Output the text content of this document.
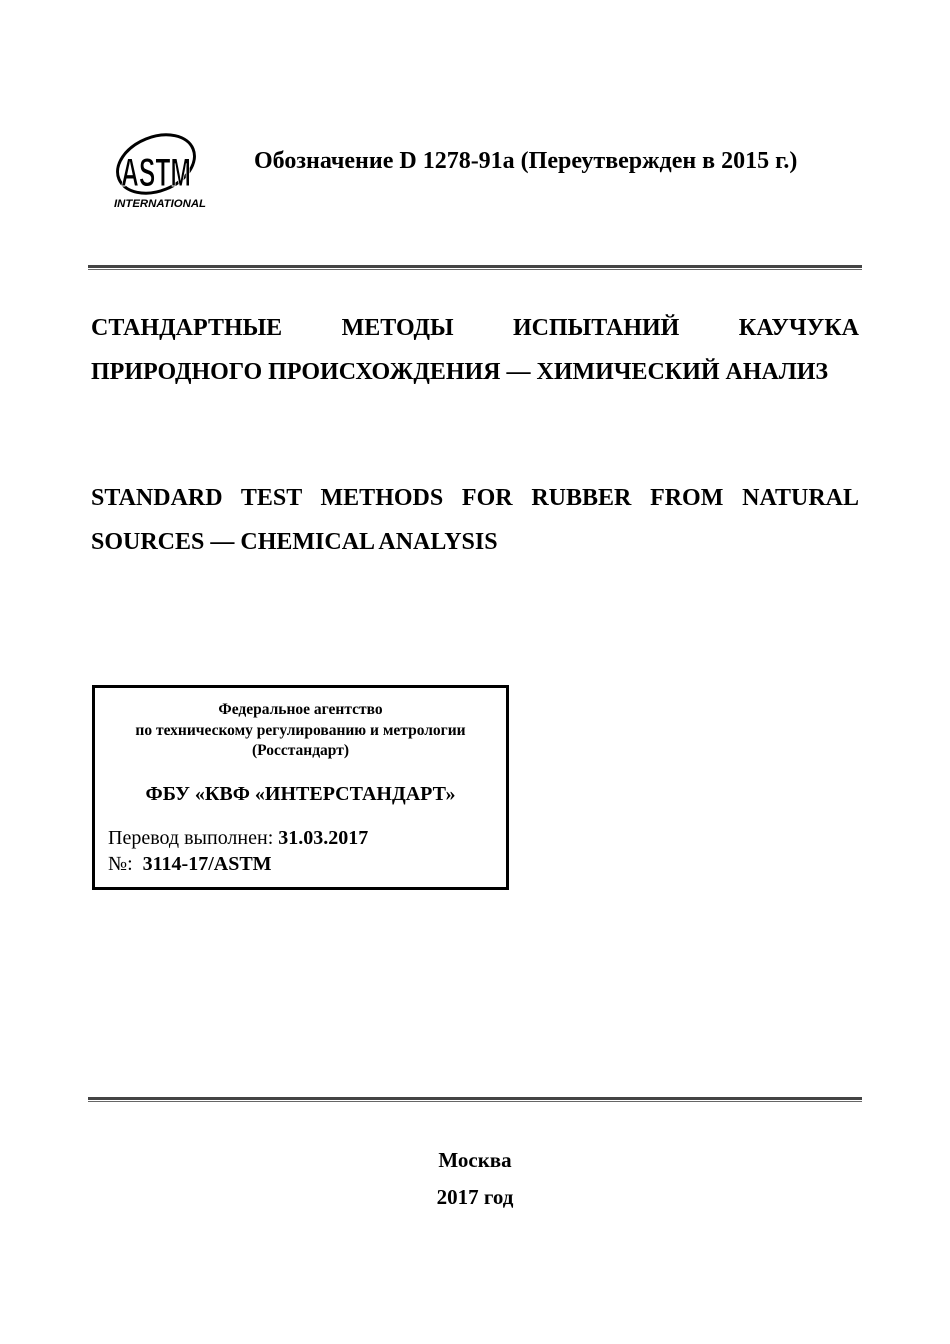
ASTM
INTERNATIONAL
Обозначение D 1278-91a (Переутвержден в 2015 г.)
СТАНДАРТНЫЕ МЕТОДЫ ИСПЫТАНИЙ КАУЧУКА ПРИРОДНОГО ПРОИСХОЖДЕНИЯ — ХИМИЧЕСКИЙ АНАЛИЗ
STANDARD TEST METHODS FOR RUBBER FROM NATURAL SOURCES — CHEMICAL ANALYSIS
Федеральное агентство
по техническому регулированию и метрологии
(Росстандарт)
ФБУ «КВФ «ИНТЕРСТАНДАРТ»
Перевод выполнен: 31.03.2017
№: 3114-17/ASTM
Москва
2017 год
